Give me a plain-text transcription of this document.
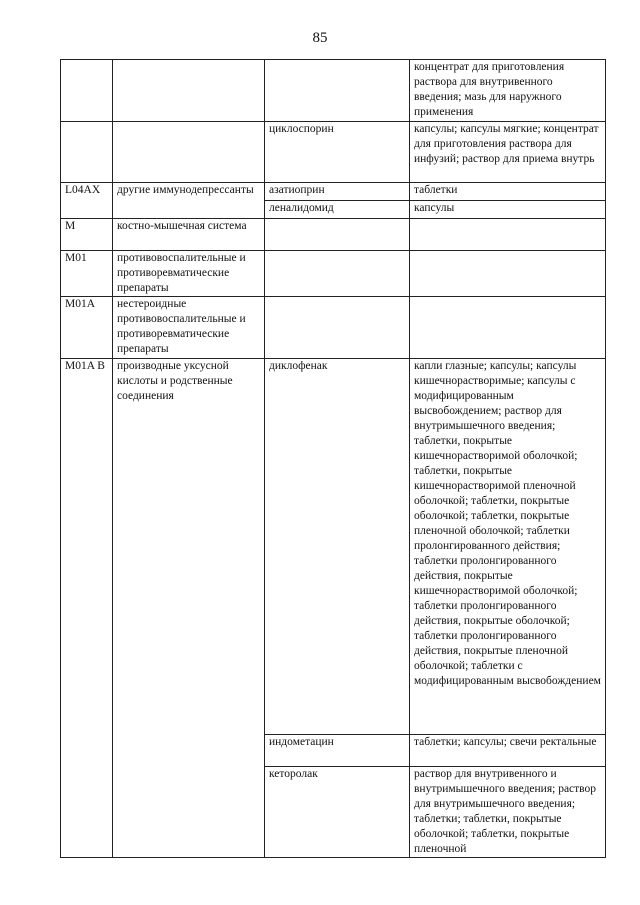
85
			концентрат для приготовления раствора для внутривенного введения; мазь для наружного применения
		циклоспорин	капсулы; капсулы мягкие; концентрат для приготовления раствора для инфузий; раствор для приема внутрь
L04AX	другие иммунодепрессанты	азатиоприн	таблетки
		леналидомид	капсулы
M	костно-мышечная система		
M01	противовоспалительные и противоревматические препараты		
M01A	нестероидные противовоспалительные и противоревматические препараты		
M01A B	производные уксусной кислоты и родственные соединения	диклофенак	капли глазные; капсулы; капсулы кишечнорастворимые; капсулы с модифицированным высвобождением; раствор для внутримышечного введения; таблетки, покрытые кишечнорастворимой оболочкой; таблетки, покрытые кишечнорастворимой пленочной оболочкой; таблетки, покрытые оболочкой; таблетки, покрытые пленочной оболочкой; таблетки пролонгированного действия; таблетки пролонгированного действия, покрытые кишечнорастворимой оболочкой; таблетки пролонгированного действия, покрытые оболочкой; таблетки пролонгированного действия, покрытые пленочной оболочкой; таблетки с модифицированным высвобождением
		индометацин	таблетки; капсулы; свечи ректальные
		кеторолак	раствор для внутривенного и внутримышечного введения; раствор для внутримышечного введения; таблетки; таблетки, покрытые оболочкой; таблетки, покрытые пленочной
